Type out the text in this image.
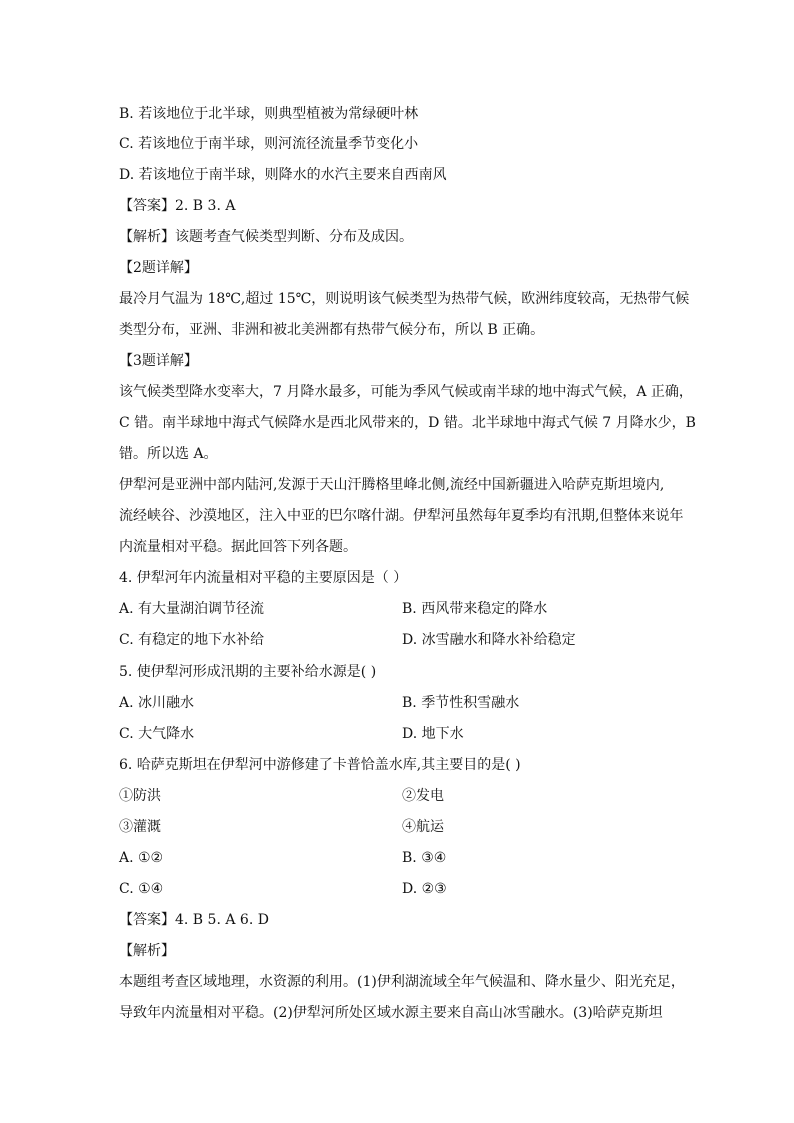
B. 若该地位于北半球，则典型植被为常绿硬叶林
C. 若该地位于南半球，则河流径流量季节变化小
D. 若该地位于南半球，则降水的水汽主要来自西南风
【答案】2. B 3. A
【解析】该题考查气候类型判断、分布及成因。
【2题详解】
最冷月气温为 18℃,超过 15℃，则说明该气候类型为热带气候，欧洲纬度较高，无热带气候
类型分布，亚洲、非洲和被北美洲都有热带气候分布，所以 B 正确。
【3题详解】
该气候类型降水变率大，7 月降水最多，可能为季风气候或南半球的地中海式气候，A 正确，
C 错。南半球地中海式气候降水是西北风带来的，D 错。北半球地中海式气候 7 月降水少，B
错。所以选 A。
伊犁河是亚洲中部内陆河,发源于天山汗腾格里峰北侧,流经中国新疆进入哈萨克斯坦境内,
流经峡谷、沙漠地区，注入中亚的巴尔喀什湖。伊犁河虽然每年夏季均有汛期,但整体来说年
内流量相对平稳。据此回答下列各题。
4. 伊犁河年内流量相对平稳的主要原因是（ ）
A. 有大量湖泊调节径流	B. 西风带来稳定的降水
C. 有稳定的地下水补给	D. 冰雪融水和降水补给稳定
5. 使伊犁河形成汛期的主要补给水源是( )
A. 冰川融水	B. 季节性积雪融水
C. 大气降水	D. 地下水
6. 哈萨克斯坦在伊犁河中游修建了卡普恰盖水库,其主要目的是( )
①防洪	②发电
③灌溉	④航运
A. ①②	B. ③④
C. ①④	D. ②③
【答案】4. B 5. A 6. D
【解析】
本题组考查区域地理，水资源的利用。(1)伊利湖流域全年气候温和、降水量少、阳光充足，
导致年内流量相对平稳。(2)伊犁河所处区域水源主要来自高山冰雪融水。(3)哈萨克斯坦
